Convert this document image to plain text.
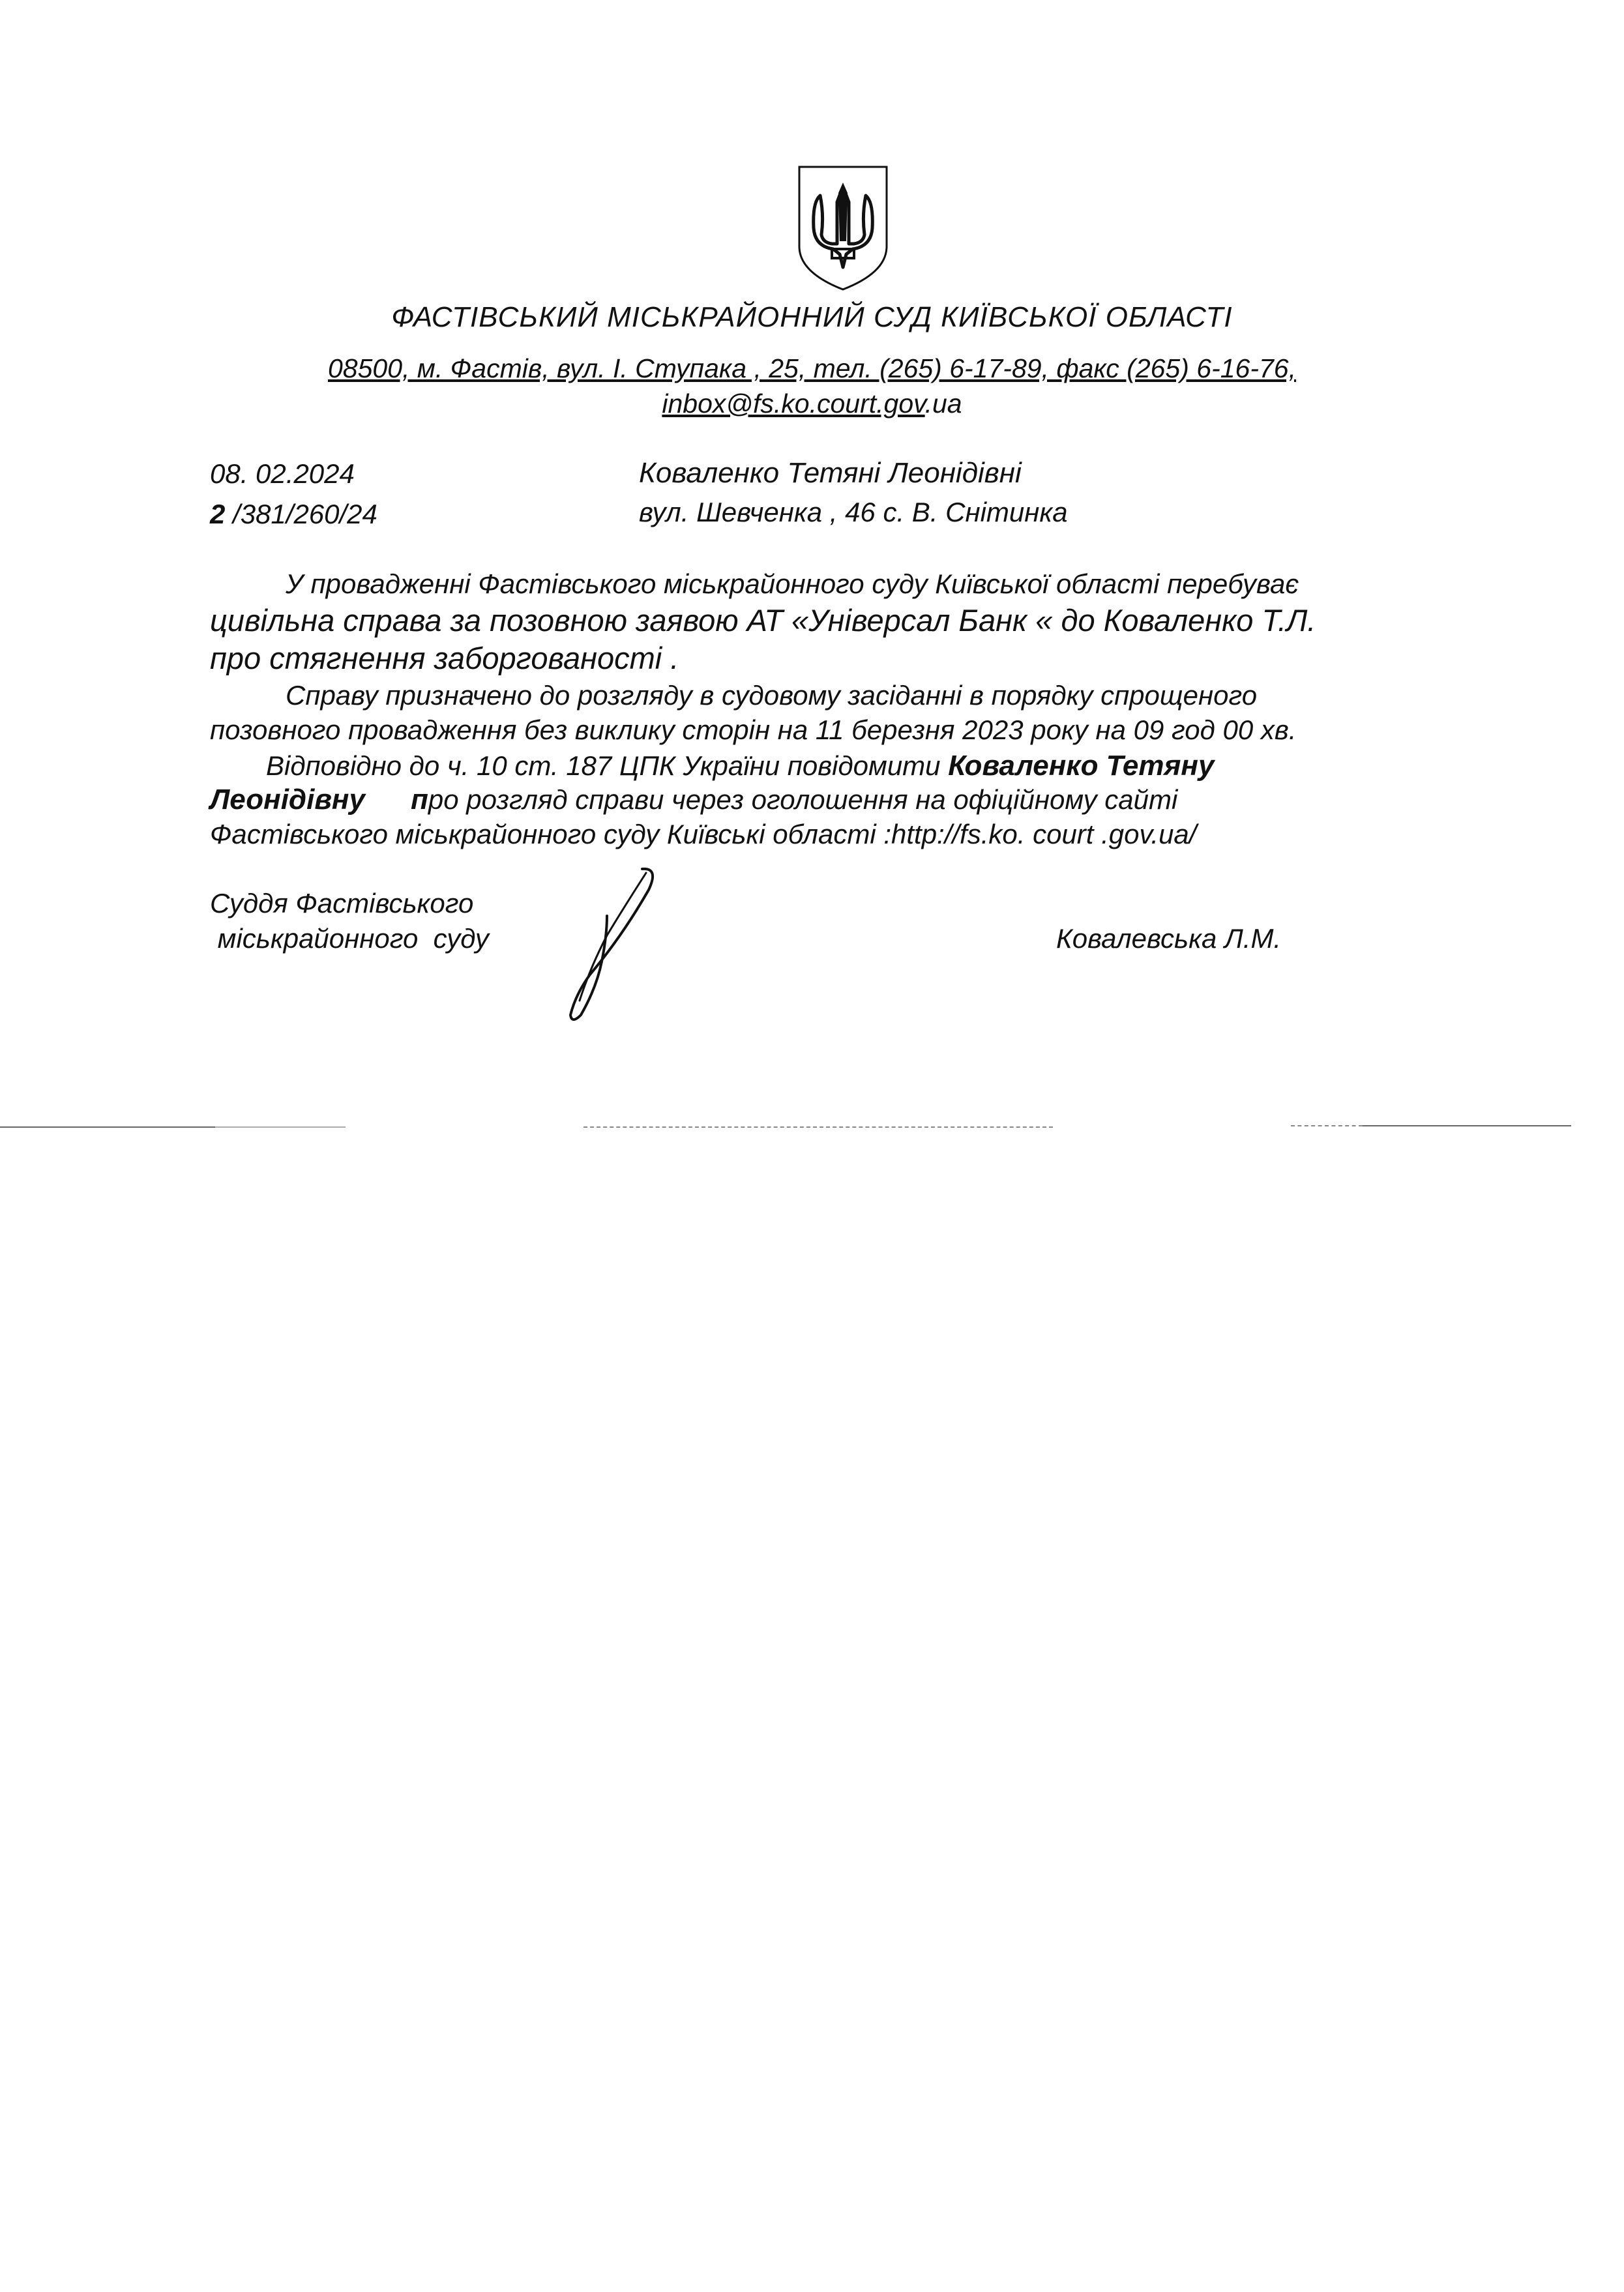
ФАСТІВСЬКИЙ МІСЬКРАЙОННИЙ СУД КИЇВСЬКОЇ ОБЛАСТІ
08500, м. Фастів, вул. І. Ступака , 25, тел. (265) 6-17-89, факс (265) 6-16-76,
inbox@fs.ko.court.gov.ua
08. 02.2024
2 /381/260/24
Коваленко Тетяні Леонідівні
вул. Шевченка , 46 с. В. Снітинка
У провадженні Фастівського міськрайонного суду Київської області перебуває
цивільна справа за позовною заявою АТ «Універсал Банк « до Коваленко Т.Л.
про стягнення заборгованості .
Справу призначено до розгляду в судовому засіданні в порядку спрощеного
позовного провадження без виклику сторін на 11 березня 2023 року на 09 год 00 хв.
Відповідно до ч. 10 ст. 187 ЦПК України повідомити Коваленко Тетяну
Леонідівну про розгляд справи через оголошення на офіційному сайті
Фастівського міськрайонного суду Київські області :http://fs.ko. court .gov.ua/
Суддя Фастівського
міськрайонного  суду	Ковалевська Л.М.
